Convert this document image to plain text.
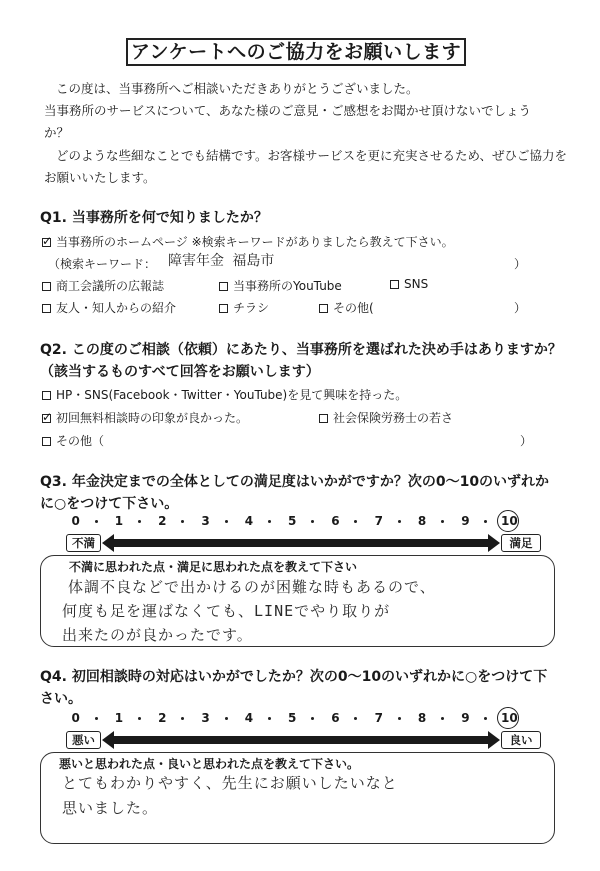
アンケートへのご協力をお願いします
この度は、当事務所へご相談いただきありがとうございました。
当事務所のサービスについて、あなた様のご意見・ご感想をお聞かせ頂けないでしょう
か？
どのような些細なことでも結構です。お客様サービスを更に充実させるため、ぜひご協力を
お願いいたします。
Q1. 当事務所を何で知りましたか？
✓当事務所のホームページ ※検索キーワードがありましたら教えて下さい。
（検索キーワード： 障害年金 福島市	）
商工会議所の広報誌	当事務所のYouTube	SNS
友人・知人からの紹介	チラシ	その他(	）
Q2. この度のご相談（依頼）にあたり、当事務所を選ばれた決め手はありますか？
（該当するものすべて回答をお願いします）
HP・SNS(Facebook・Twitter・YouTube)を見て興味を持った。
✓初回無料相談時の印象が良かった。	社会保険労務士の若さ
その他（	）
Q3. 年金決定までの全体としての満足度はいかがですか？次の0～10のいずれか
に○をつけて下さい。
0	1	2	3	4	5	6	7	8	9	10
不満	満足
不満に思われた点・満足に思われた点を教えて下さい
体調不良などで出かけるのが困難な時もあるので、
何度も足を運ばなくても、LINEでやり取りが
出来たのが良かったです。
Q4. 初回相談時の対応はいかがでしたか？次の0～10のいずれかに○をつけて下
さい。
0	1	2	3	4	5	6	7	8	9	10
悪い	良い
悪いと思われた点・良いと思われた点を教えて下さい。
とてもわかりやすく、先生にお願いしたいなと
思いました。
